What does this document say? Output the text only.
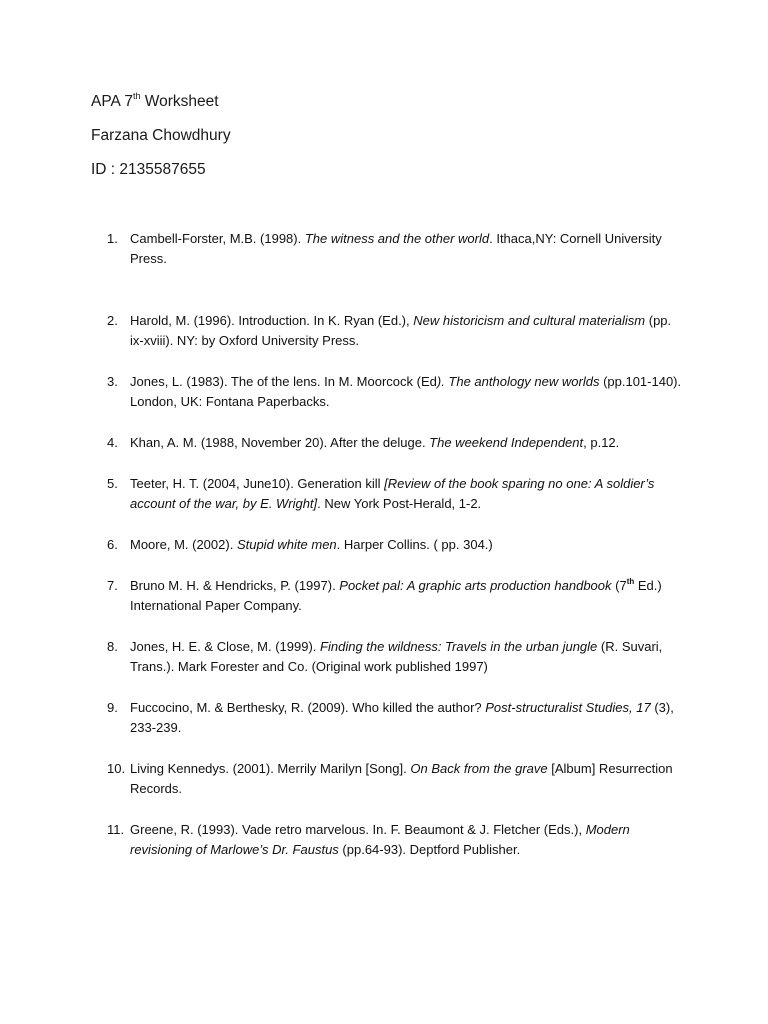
APA 7th Worksheet
Farzana Chowdhury
ID : 2135587655
1. Cambell-Forster, M.B. (1998). The witness and the other world. Ithaca,NY: Cornell University Press.
2. Harold, M. (1996). Introduction. In K. Ryan (Ed.), New historicism and cultural materialism (pp. ix-xviii). NY: by Oxford University Press.
3. Jones, L. (1983). The of the lens. In M. Moorcock (Ed). The anthology new worlds (pp.101-140). London, UK: Fontana Paperbacks.
4. Khan, A. M. (1988, November 20). After the deluge. The weekend Independent, p.12.
5. Teeter, H. T. (2004, June10). Generation kill [Review of the book sparing no one: A soldier’s account of the war, by E. Wright]. New York Post-Herald, 1-2.
6. Moore, M. (2002). Stupid white men. Harper Collins. ( pp. 304.)
7. Bruno M. H. & Hendricks, P. (1997). Pocket pal: A graphic arts production handbook (7th Ed.) International Paper Company.
8. Jones, H. E. & Close, M. (1999). Finding the wildness: Travels in the urban jungle (R. Suvari, Trans.). Mark Forester and Co. (Original work published 1997)
9. Fuccocino, M. & Berthesky, R. (2009). Who killed the author? Post-structuralist Studies, 17 (3), 233-239.
10. Living Kennedys. (2001). Merrily Marilyn [Song]. On Back from the grave [Album] Resurrection Records.
11. Greene, R. (1993). Vade retro marvelous. In. F. Beaumont & J. Fletcher (Eds.), Modern revisioning of Marlowe’s Dr. Faustus (pp.64-93). Deptford Publisher.
